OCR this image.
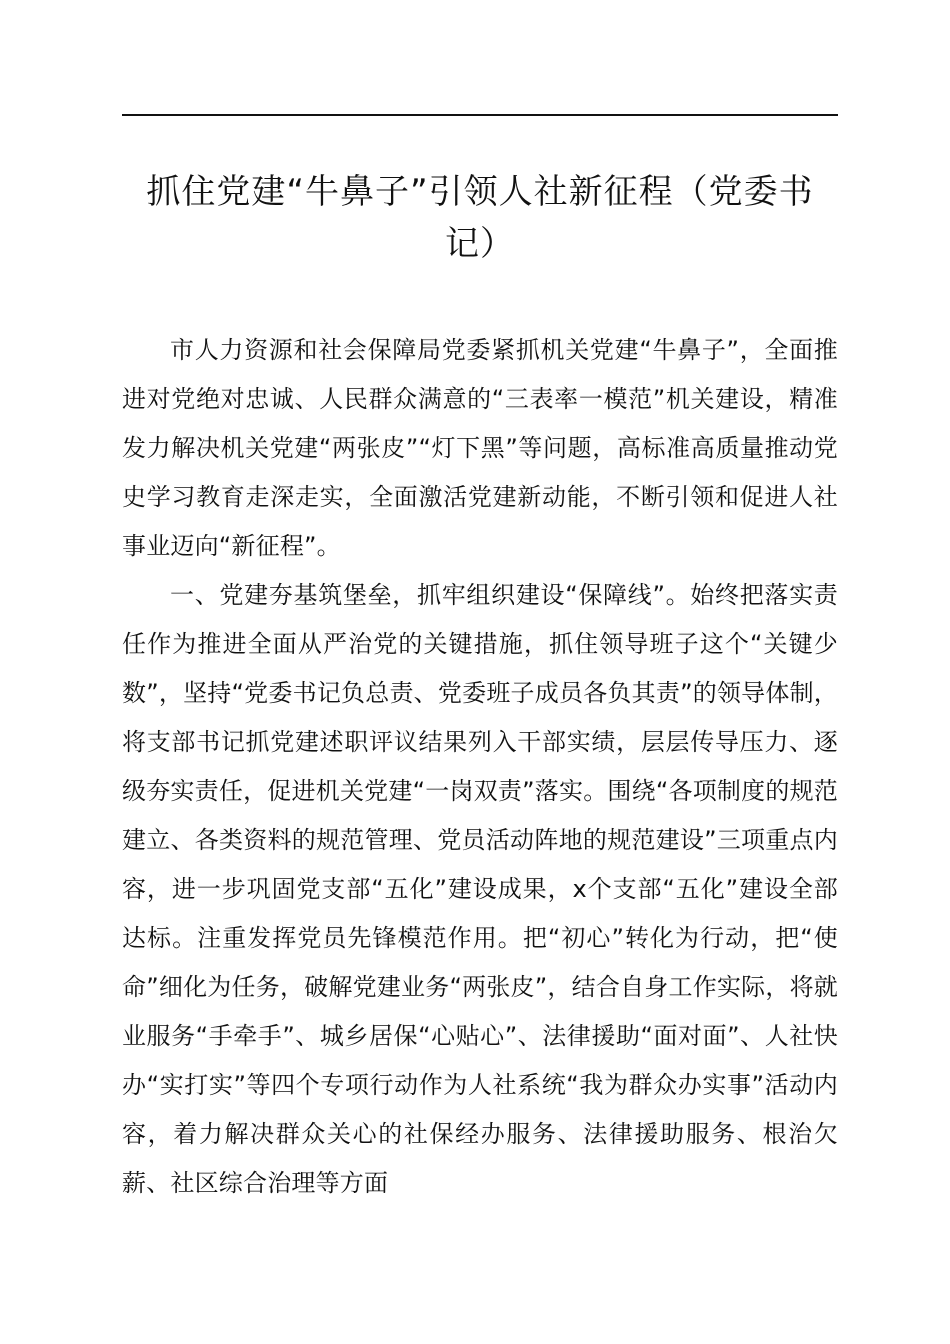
抓住党建“牛鼻子”引领人社新征程（党委书记）

市人力资源和社会保障局党委紧抓机关党建“牛鼻子”，全面推进对党绝对忠诚、人民群众满意的“三表率一模范”机关建设，精准发力解决机关党建“两张皮”“灯下黑”等问题，高标准高质量推动党史学习教育走深走实，全面激活党建新动能，不断引领和促进人社事业迈向“新征程”。

一、党建夯基筑堡垒，抓牢组织建设“保障线”。始终把落实责任作为推进全面从严治党的关键措施，抓住领导班子这个“关键少数”，坚持“党委书记负总责、党委班子成员各负其责”的领导体制，将支部书记抓党建述职评议结果列入干部实绩，层层传导压力、逐级夯实责任，促进机关党建“一岗双责”落实。围绕“各项制度的规范建立、各类资料的规范管理、党员活动阵地的规范建设”三项重点内容，进一步巩固党支部“五化”建设成果，x个支部“五化”建设全部达标。注重发挥党员先锋模范作用。把“初心”转化为行动，把“使命”细化为任务，破解党建业务“两张皮”，结合自身工作实际，将就业服务“手牵手”、城乡居保“心贴心”、法律援助“面对面”、人社快办“实打实”等四个专项行动作为人社系统“我为群众办实事”活动内容，着力解决群众关心的社保经办服务、法律援助服务、根治欠薪、社区综合治理等方面
